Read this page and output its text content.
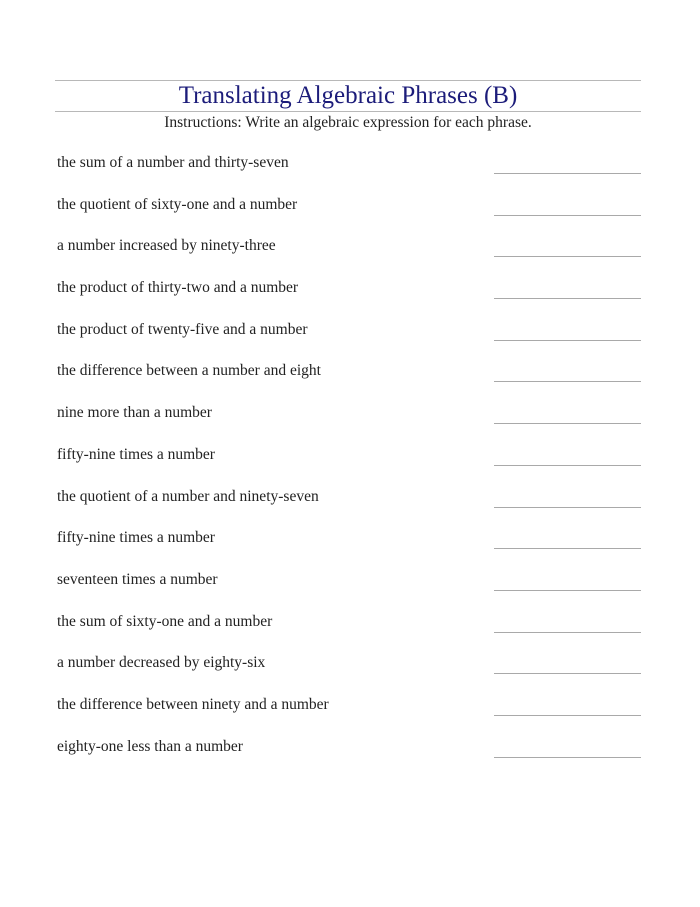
Translating Algebraic Phrases (B)
Instructions: Write an algebraic expression for each phrase.
the sum of a number and thirty-seven
the quotient of sixty-one and a number
a number increased by ninety-three
the product of thirty-two and a number
the product of twenty-five and a number
the difference between a number and eight
nine more than a number
fifty-nine times a number
the quotient of a number and ninety-seven
fifty-nine times a number
seventeen times a number
the sum of sixty-one and a number
a number decreased by eighty-six
the difference between ninety and a number
eighty-one less than a number
